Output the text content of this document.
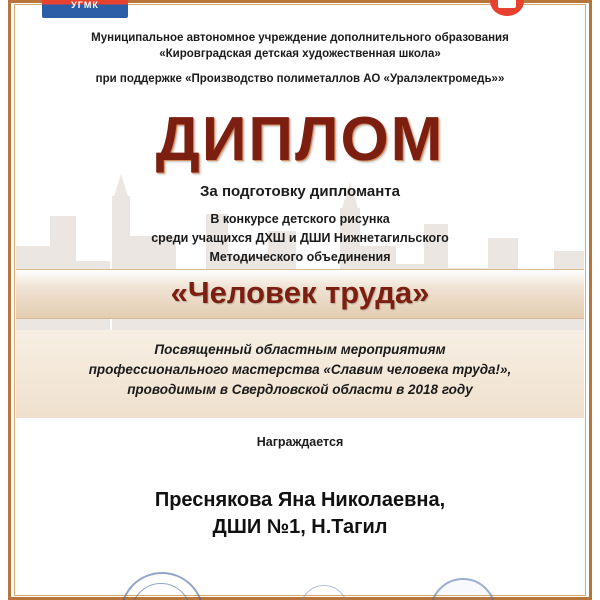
УГМК
Муниципальное автономное учреждение дополнительного образования
«Кировградская детская художественная школа»
при поддержке «Производство полиметаллов АО «Уралэлектромедь»»
ДИПЛОМ
За подготовку дипломанта
В конкурсе детского рисунка
среди учащихся ДХШ и ДШИ Нижнетагильского
Методического объединения
«Человек труда»
Посвященный областным мероприятиям
профессионального мастерства «Славим человека труда!»,
проводимым в Свердловской области в 2018 году
Награждается
Преснякова Яна Николаевна,
ДШИ №1, Н.Тагил
